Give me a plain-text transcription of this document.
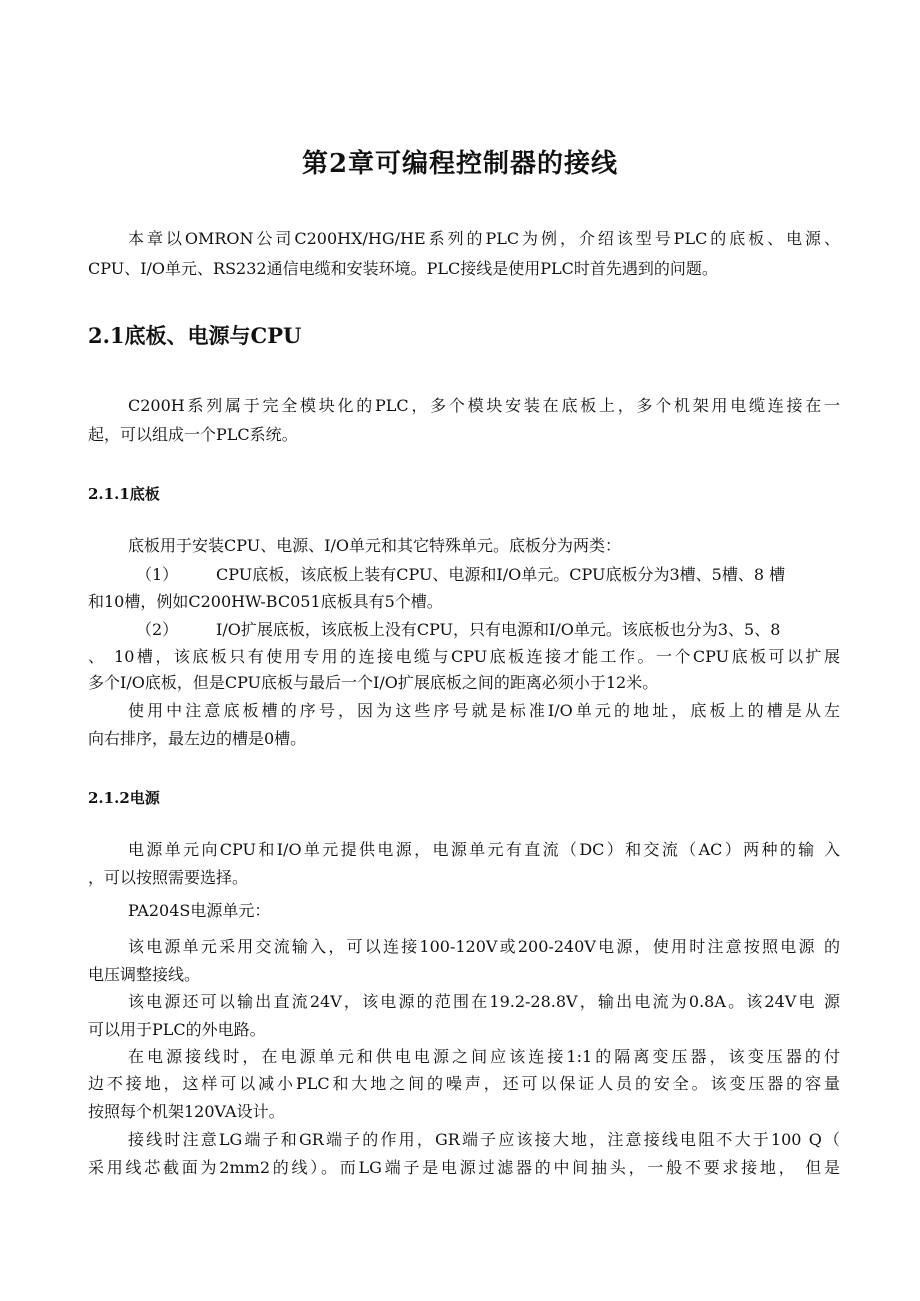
第2章可编程控制器的接线
本章以OMRON公司C200HX/HG/HE系列的PLC为例，介绍该型号PLC的底板、电源、
CPU、I/O单元、RS232通信电缆和安装环境。PLC接线是使用PLC时首先遇到的问题。
2.1底板、电源与CPU
C200H系列属于完全模块化的PLC，多个模块安装在底板上，多个机架用电缆连接在一
起，可以组成一个PLC系统。
2.1.1底板
底板用于安装CPU、电源、I/O单元和其它特殊单元。底板分为两类：
（1） CPU底板，该底板上装有CPU、电源和I/O单元。CPU底板分为3槽、5槽、8 槽
和10槽，例如C200HW-BC051底板具有5个槽。
（2） I/O扩展底板，该底板上没有CPU，只有电源和I/O单元。该底板也分为3、5、8
、 10槽，该底板只有使用专用的连接电缆与CPU底板连接才能工作。一个CPU底板可以扩展
多个I/O底板，但是CPU底板与最后一个I/O扩展底板之间的距离必须小于12米。
使用中注意底板槽的序号，因为这些序号就是标准I/O单元的地址，底板上的槽是从左
向右排序，最左边的槽是0槽。
2.1.2电源
电源单元向CPU和I/O单元提供电源，电源单元有直流（DC）和交流（AC）两种的输 入
，可以按照需要选择。
PA204S电源单元：
该电源单元采用交流输入，可以连接100-120V或200-240V电源，使用时注意按照电源 的
电压调整接线。
该电源还可以输出直流24V，该电源的范围在19.2-28.8V，输出电流为0.8A。该24V电 源
可以用于PLC的外电路。
在电源接线时，在电源单元和供电电源之间应该连接1:1的隔离变压器，该变压器的付
边不接地，这样可以减小PLC和大地之间的噪声，还可以保证人员的安全。该变压器的容量
按照每个机架120VA设计。
接线时注意LG端子和GR端子的作用，GR端子应该接大地，注意接线电阻不大于100 Q（
采用线芯截面为2mm2的线）。而LG端子是电源过滤器的中间抽头，一般不要求接地， 但是
